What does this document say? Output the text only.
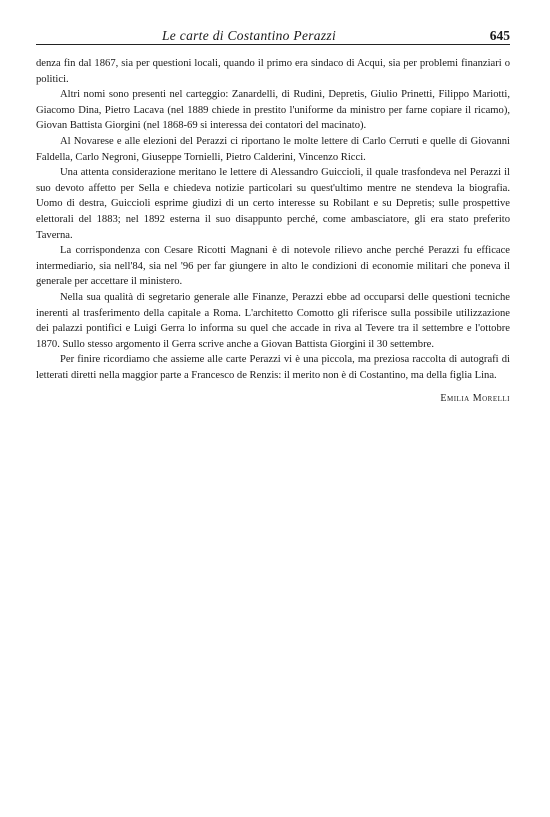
Le carte di Costantino Perazzi	645

denza fin dal 1867, sia per questioni locali, quando il primo era sindaco di Acqui, sia per problemi finanziari o politici.

Altri nomi sono presenti nel carteggio: Zanardelli, di Rudinì, Depretis, Giulio Prinetti, Filippo Mariotti, Giacomo Dina, Pietro Lacava (nel 1889 chiede in prestito l'uniforme da ministro per farne copiare il ricamo), Giovan Battista Giorgini (nel 1868-69 si interessa dei contatori del macinato).

Al Novarese e alle elezioni del Perazzi ci riportano le molte lettere di Carlo Cerruti e quelle di Giovanni Faldella, Carlo Negroni, Giuseppe Tornielli, Pietro Calderini, Vincenzo Ricci.

Una attenta considerazione meritano le lettere di Alessandro Guiccioli, il quale trasfondeva nel Perazzi il suo devoto affetto per Sella e chiedeva notizie particolari su quest'ultimo mentre ne stendeva la biografia. Uomo di destra, Guiccioli esprime giudizi di un certo interesse su Robilant e su Depretis; sulle prospettive elettorali del 1883; nel 1892 esterna il suo disappunto perché, come ambasciatore, gli era stato preferito Taverna.

La corrispondenza con Cesare Ricotti Magnani è di notevole rilievo anche perché Perazzi fu efficace intermediario, sia nell'84, sia nel '96 per far giungere in alto le condizioni di economie militari che poneva il generale per accettare il ministero.

Nella sua qualità di segretario generale alle Finanze, Perazzi ebbe ad occuparsi delle questioni tecniche inerenti al trasferimento della capitale a Roma. L'architetto Comotto gli riferisce sulla possibile utilizzazione dei palazzi pontifici e Luigi Gerra lo informa su quel che accade in riva al Tevere tra il settembre e l'ottobre 1870. Sullo stesso argomento il Gerra scrive anche a Giovan Battista Giorgini il 30 settembre.

Per finire ricordiamo che assieme alle carte Perazzi vi è una piccola, ma preziosa raccolta di autografi di letterati diretti nella maggior parte a Francesco de Renzis: il merito non è di Costantino, ma della figlia Lina.

Emilia Morelli
